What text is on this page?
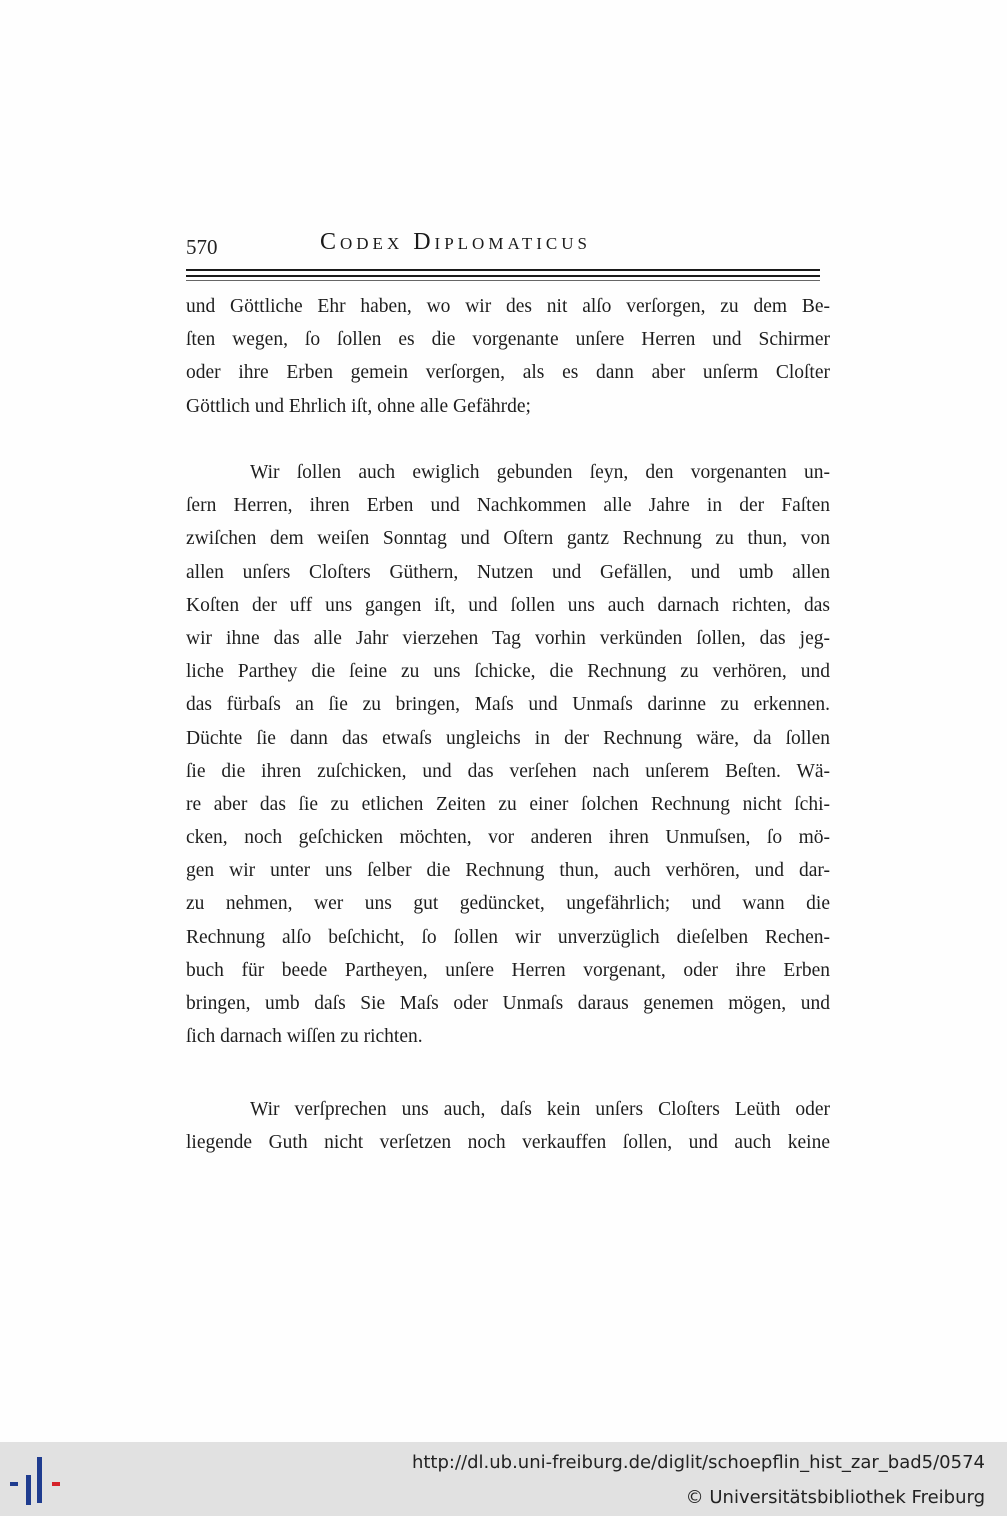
570	Codex Diplomaticus
und Göttliche Ehr haben, wo wir des nit alſo verſorgen, zu dem Be-
ſten wegen, ſo ſollen es die vorgenante unſere Herren und Schirmer
oder ihre Erben gemein verſorgen, als es dann aber unſerm Cloſter
Göttlich und Ehrlich iſt, ohne alle Gefährde;
Wir ſollen auch ewiglich gebunden ſeyn, den vorgenanten un-
ſern Herren, ihren Erben und Nachkommen alle Jahre in der Faſten
zwiſchen dem weiſen Sonntag und Oſtern gantz Rechnung zu thun, von
allen unſers Cloſters Güthern, Nutzen und Gefällen, und umb allen
Koſten der uff uns gangen iſt, und ſollen uns auch darnach richten, das
wir ihne das alle Jahr vierzehen Tag vorhin verkünden ſollen, das jeg-
liche Parthey die ſeine zu uns ſchicke, die Rechnung zu verhören, und
das fürbaſs an ſie zu bringen, Maſs und Unmaſs darinne zu erkennen.
Düchte ſie dann das etwaſs ungleichs in der Rechnung wäre, da ſollen
ſie die ihren zuſchicken, und das verſehen nach unſerem Beſten. Wä-
re aber das ſie zu etlichen Zeiten zu einer ſolchen Rechnung nicht ſchi-
cken, noch geſchicken möchten, vor anderen ihren Unmuſsen, ſo mö-
gen wir unter uns ſelber die Rechnung thun, auch verhören, und dar-
zu nehmen, wer uns gut gedüncket, ungefährlich; und wann die
Rechnung alſo beſchicht, ſo ſollen wir unverzüglich dieſelben Rechen-
buch für beede Partheyen, unſere Herren vorgenant, oder ihre Erben
bringen, umb daſs Sie Maſs oder Unmaſs daraus genemen mögen, und
ſich darnach wiſſen zu richten.
Wir verſprechen uns auch, daſs kein unſers Cloſters Leüth oder
liegende Guth nicht verſetzen noch verkauffen ſollen, und auch keine
http://dl.ub.uni-freiburg.de/diglit/schoepflin_hist_zar_bad5/0574
© Universitätsbibliothek Freiburg
